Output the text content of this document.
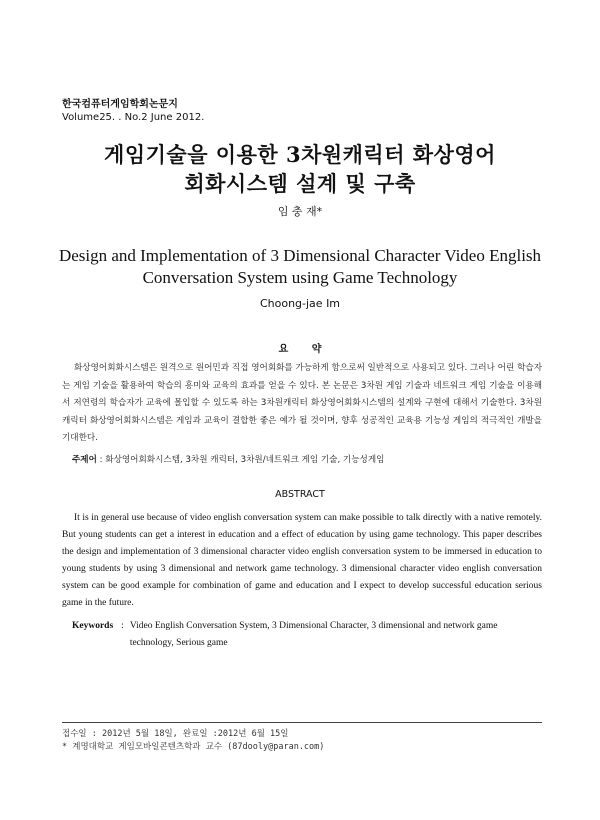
한국컴퓨터게임학회논문지
Volume25. . No.2 June 2012.
게임기술을 이용한 3차원캐릭터 화상영어
회화시스템 설계 및 구축
임 충 재*
Design and Implementation of 3 Dimensional Character Video English
Conversation System using Game Technology
Choong-jae Im
요 약
화상영어회화시스템은 원격으로 원어민과 직접 영어회화를 가능하게 함으로써 일반적으로 사용되고 있다. 그러나 어린 학습자는 게임 기술을 활용하여 학습의 흥미와 교육의 효과를 얻을 수 있다. 본 논문은 3차원 게임 기술과 네트워크 게임 기술을 이용해서 저연령의 학습자가 교육에 몰입할 수 있도록 하는 3차원캐릭터 화상영어회화시스템의 설계와 구현에 대해서 기술한다. 3차원캐릭터 화상영어회화시스템은 게임과 교육이 결합한 좋은 예가 될 것이며, 향후 성공적인 교육용 기능성 게임의 적극적인 개발을 기대한다.
주제어 : 화상영어회화시스템, 3차원 캐릭터, 3차원/네트워크 게임 기술, 기능성게임
ABSTRACT
It is in general use because of video english conversation system can make possible to talk directly with a native remotely. But young students can get a interest in education and a effect of education by using game technology. This paper describes the design and implementation of 3 dimensional character video english conversation system to be immersed in education to young students by using 3 dimensional and network game technology. 3 dimensional character video english conversation system can be good example for combination of game and education and I expect to develop successful education serious game in the future.
Keywords : Video English Conversation System, 3 Dimensional Character, 3 dimensional and network game technology, Serious game
접수일 : 2012년 5월 18일, 완료일 :2012년 6월 15일
* 계명대학교 게임모바일콘텐츠학과 교수 (87dooly@paran.com)
